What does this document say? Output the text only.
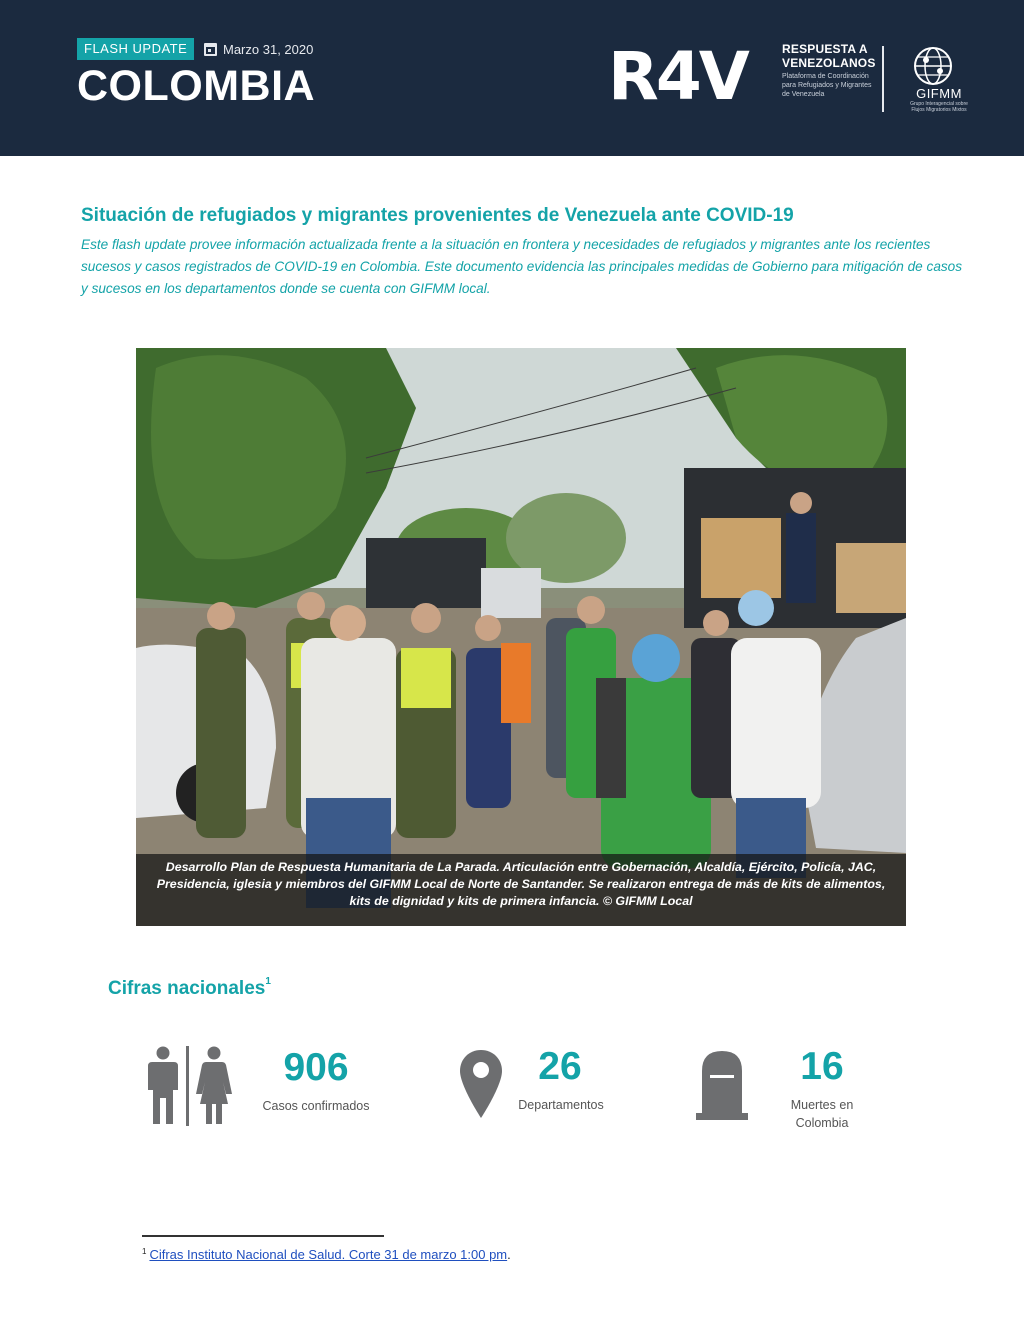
FLASH UPDATE	Marzo 31, 2020
COLOMBIA	R4V	RESPUESTA A
VENEZOLANOS
Plataforma de Coordinación para Refugiados y Migrantes de Venezuela	GIFMM
Grupo Interagencial sobre Flujos Migratorios Mixtos
Situación de refugiados y migrantes provenientes de Venezuela ante COVID-19
Este flash update provee información actualizada frente a la situación en frontera y necesidades de refugiados y migrantes ante los recientes sucesos y casos registrados de COVID-19 en Colombia. Este documento evidencia las principales medidas de Gobierno para mitigación de casos y sucesos en los departamentos donde se cuenta con GIFMM local.
Desarrollo Plan de Respuesta Humanitaria de La Parada. Articulación entre Gobernación, Alcaldía, Ejército, Policía, JAC, Presidencia, iglesia y miembros del GIFMM Local de Norte de Santander. Se realizaron entrega de más de kits de alimentos, kits de dignidad y kits de primera infancia. © GIFMM Local
Cifras nacionales$^1$
906
Casos confirmados
26
Departamentos
16
Muertes en
Colombia
$^1$ Cifras Instituto Nacional de Salud. Corte 31 de marzo 1:00 pm.
